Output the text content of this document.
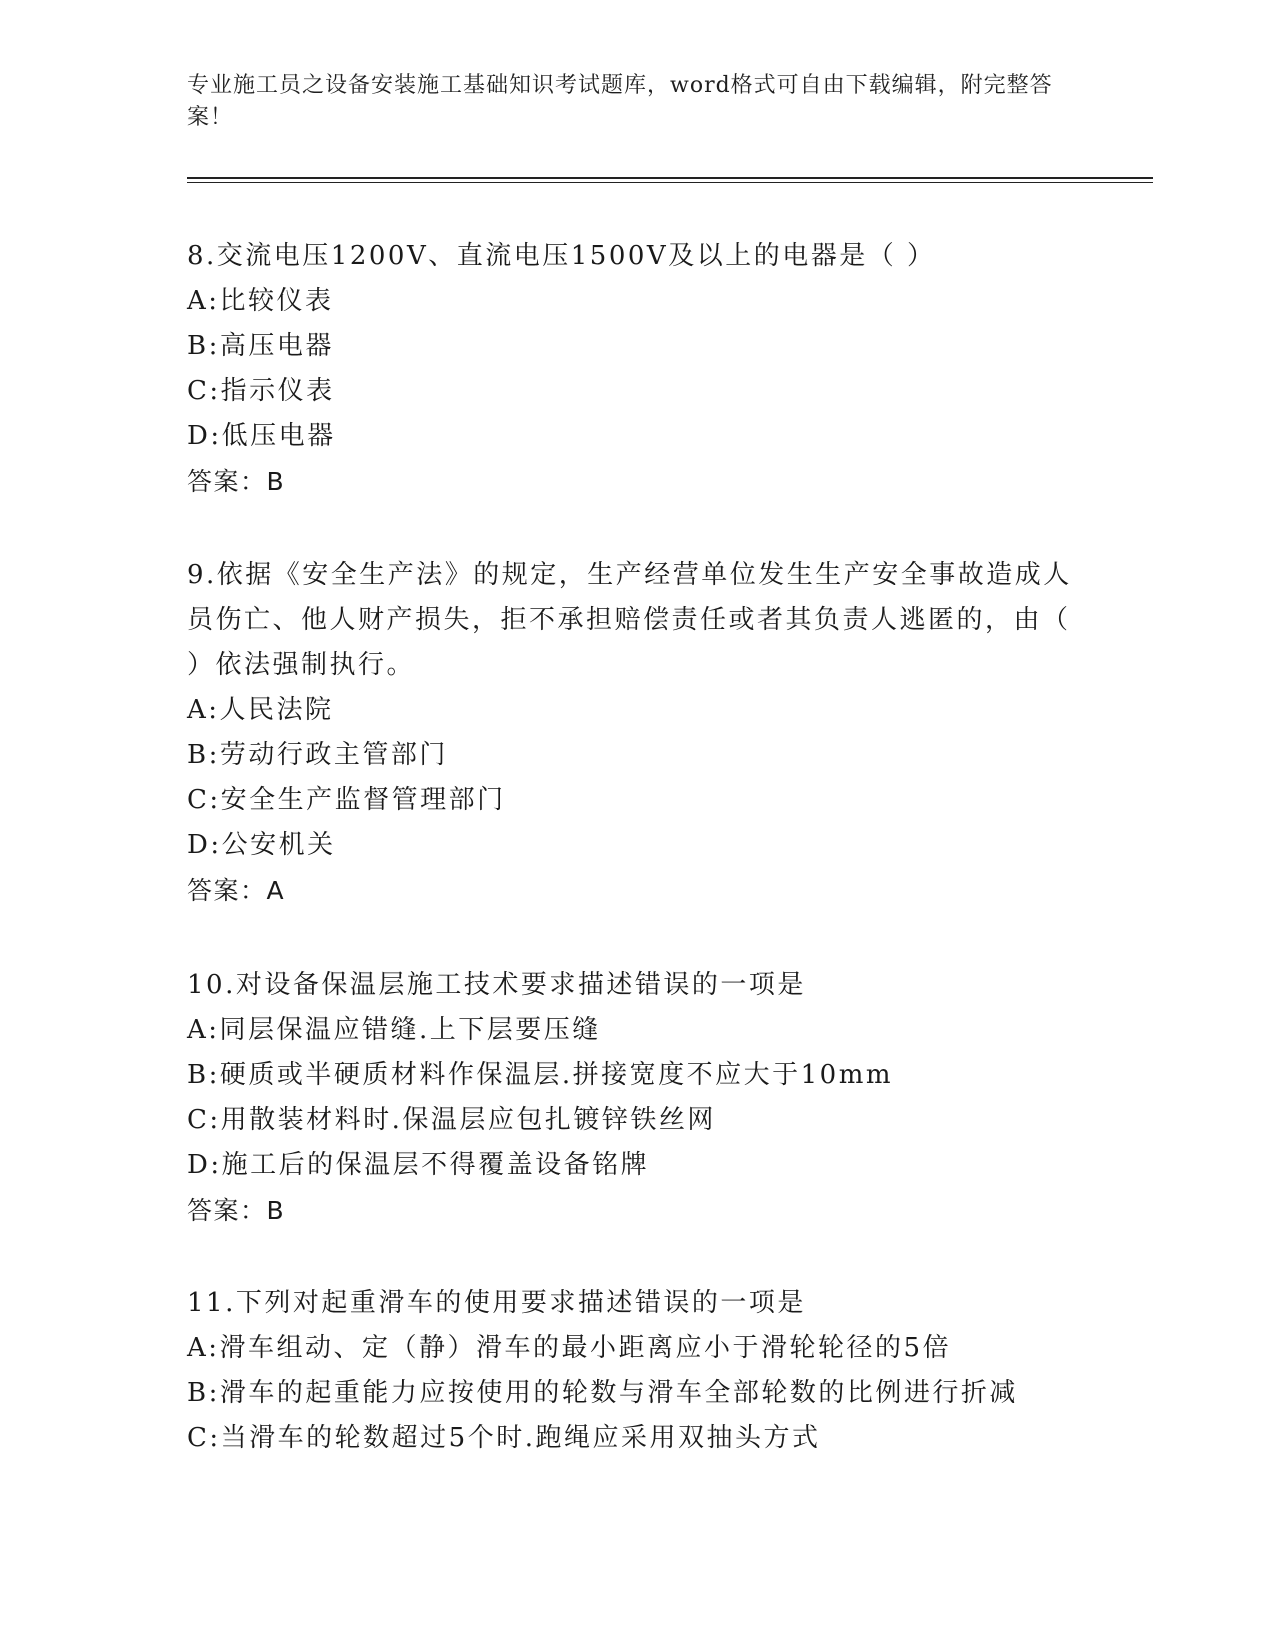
专业施工员之设备安装施工基础知识考试题库，word格式可自由下载编辑，附完整答案！

8.交流电压1200V、直流电压1500V及以上的电器是（ ）

A:比较仪表

B:高压电器

C:指示仪表

D:低压电器

答案：B

9.依据《安全生产法》的规定，生产经营单位发生生产安全事故造成人员伤亡、他人财产损失，拒不承担赔偿责任或者其负责人逃匿的，由（ ）依法强制执行。

A:人民法院

B:劳动行政主管部门

C:安全生产监督管理部门

D:公安机关

答案：A

10.对设备保温层施工技术要求描述错误的一项是

A:同层保温应错缝.上下层要压缝

B:硬质或半硬质材料作保温层.拼接宽度不应大于10mm

C:用散装材料时.保温层应包扎镀锌铁丝网

D:施工后的保温层不得覆盖设备铭牌

答案：B

11.下列对起重滑车的使用要求描述错误的一项是

A:滑车组动、定（静）滑车的最小距离应小于滑轮轮径的5倍

B:滑车的起重能力应按使用的轮数与滑车全部轮数的比例进行折减

C:当滑车的轮数超过5个时.跑绳应采用双抽头方式
